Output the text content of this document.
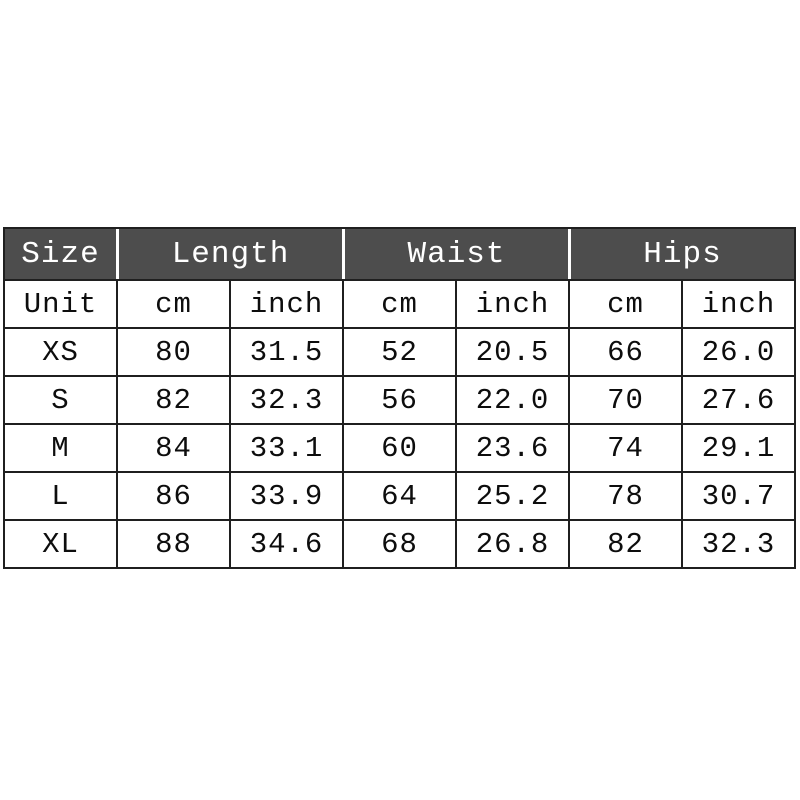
Size	Length	Waist	Hips
Unit	cm	inch	cm	inch	cm	inch
XS	80	31.5	52	20.5	66	26.0
S	82	32.3	56	22.0	70	27.6
M	84	33.1	60	23.6	74	29.1
L	86	33.9	64	25.2	78	30.7
XL	88	34.6	68	26.8	82	32.3
